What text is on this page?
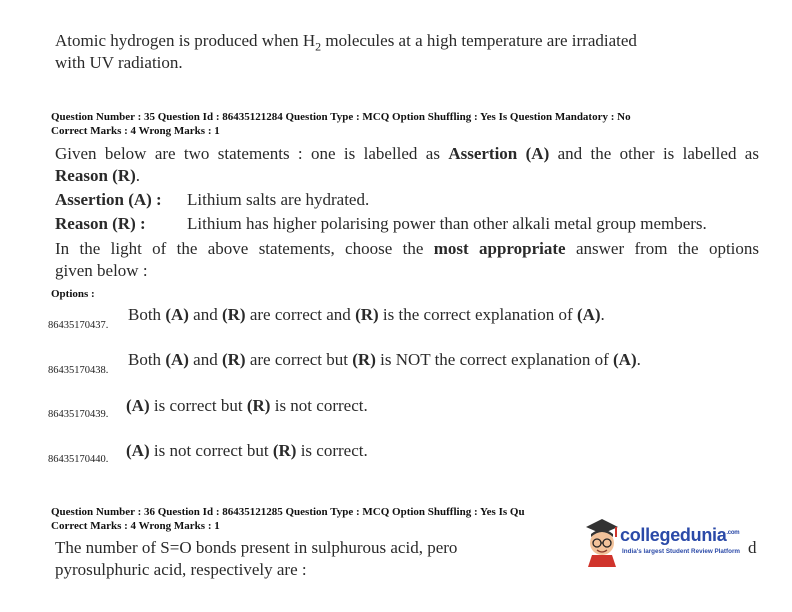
Atomic hydrogen is produced when $H_2$ molecules at a high temperature are irradiated
with UV radiation.
Question Number : 35 Question Id : 86435121284 Question Type : MCQ Option Shuffling : Yes Is Question Mandatory : No
Correct Marks : 4 Wrong Marks : 1
Given below are two statements : one is labelled as Assertion (A) and the other is labelled as
Reason (R).
Assertion (A) : Lithium salts are hydrated.
Reason (R) : Lithium has higher polarising power than other alkali metal group members.
In the light of the above statements, choose the most appropriate answer from the options
given below :
Options :
86435170437.
Both (A) and (R) are correct and (R) is the correct explanation of (A).
86435170438.
Both (A) and (R) are correct but (R) is NOT the correct explanation of (A).
86435170439. (A) is correct but (R) is not correct.
86435170440. (A) is not correct but (R) is correct.
Question Number : 36 Question Id : 86435121285 Question Type : MCQ Option Shuffling : Yes Is Qu
Correct Marks : 4 Wrong Marks : 1
The number of S=O bonds present in sulphurous acid, pero	d
pyrosulphuric acid, respectively are :
collegedunia$^{.com}$
India's largest Student Review Platform
